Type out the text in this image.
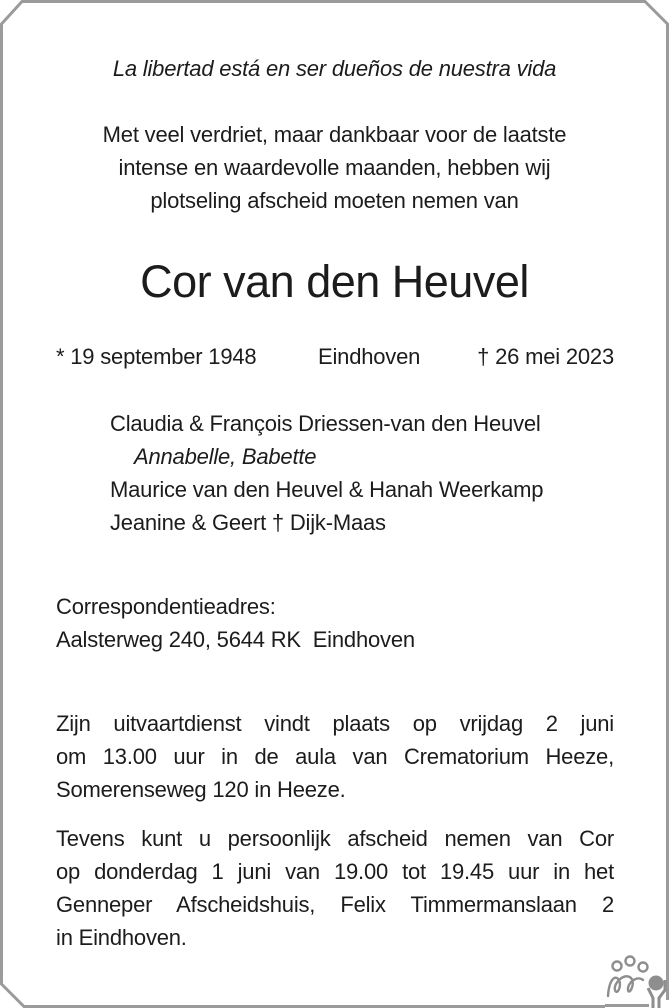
La libertad está en ser dueños de nuestra vida
Met veel verdriet, maar dankbaar voor de laatste
intense en waardevolle maanden, hebben wij
plotseling afscheid moeten nemen van
Cor van den Heuvel
* 19 september 1948	Eindhoven	† 26 mei 2023
Claudia & François Driessen-van den Heuvel
Annabelle, Babette
Maurice van den Heuvel & Hanah Weerkamp
Jeanine & Geert † Dijk-Maas
Correspondentieadres:
Aalsterweg 240, 5644 RK  Eindhoven
Zijn uitvaartdienst vindt plaats op vrijdag 2 juni
om 13.00 uur in de aula van Crematorium Heeze,
Somerenseweg 120 in Heeze.
Tevens kunt u persoonlijk afscheid nemen van Cor
op donderdag 1 juni van 19.00 tot 19.45 uur in het
Genneper Afscheidshuis, Felix Timmermanslaan 2
in Eindhoven.
